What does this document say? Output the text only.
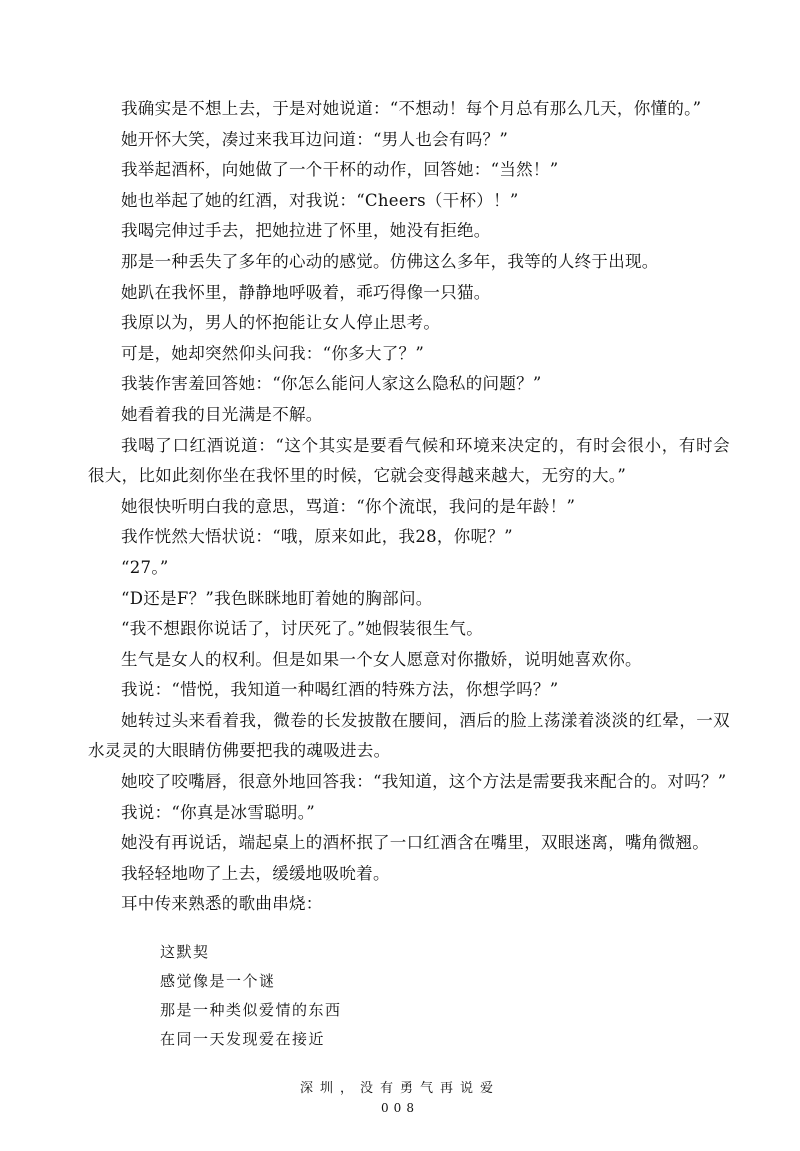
我确实是不想上去，于是对她说道：“不想动！每个月总有那么几天，你懂的。”

她开怀大笑，凑过来我耳边问道：“男人也会有吗？”

我举起酒杯，向她做了一个干杯的动作，回答她：“当然！”

她也举起了她的红酒，对我说：“Cheers（干杯）！”

我喝完伸过手去，把她拉进了怀里，她没有拒绝。

那是一种丢失了多年的心动的感觉。仿佛这么多年，我等的人终于出现。

她趴在我怀里，静静地呼吸着，乖巧得像一只猫。

我原以为，男人的怀抱能让女人停止思考。

可是，她却突然仰头问我：“你多大了？”

我装作害羞回答她：“你怎么能问人家这么隐私的问题？”

她看着我的目光满是不解。

我喝了口红酒说道：“这个其实是要看气候和环境来决定的，有时会很小，有时会很大，比如此刻你坐在我怀里的时候，它就会变得越来越大，无穷的大。”

她很快听明白我的意思，骂道：“你个流氓，我问的是年龄！”

我作恍然大悟状说：“哦，原来如此，我28，你呢？”

“27。”

“D还是F？”我色眯眯地盯着她的胸部问。

“我不想跟你说话了，讨厌死了。”她假装很生气。

生气是女人的权利。但是如果一个女人愿意对你撒娇，说明她喜欢你。

我说：“惜悦，我知道一种喝红酒的特殊方法，你想学吗？”

她转过头来看着我，微卷的长发披散在腰间，酒后的脸上荡漾着淡淡的红晕，一双水灵灵的大眼睛仿佛要把我的魂吸进去。

她咬了咬嘴唇，很意外地回答我：“我知道，这个方法是需要我来配合的。对吗？”

我说：“你真是冰雪聪明。”

她没有再说话，端起桌上的酒杯抿了一口红酒含在嘴里，双眼迷离，嘴角微翘。

我轻轻地吻了上去，缓缓地吸吮着。

耳中传来熟悉的歌曲串烧：

这默契

感觉像是一个谜

那是一种类似爱情的东西

在同一天发现爱在接近

深圳，没有勇气再说爱

008
